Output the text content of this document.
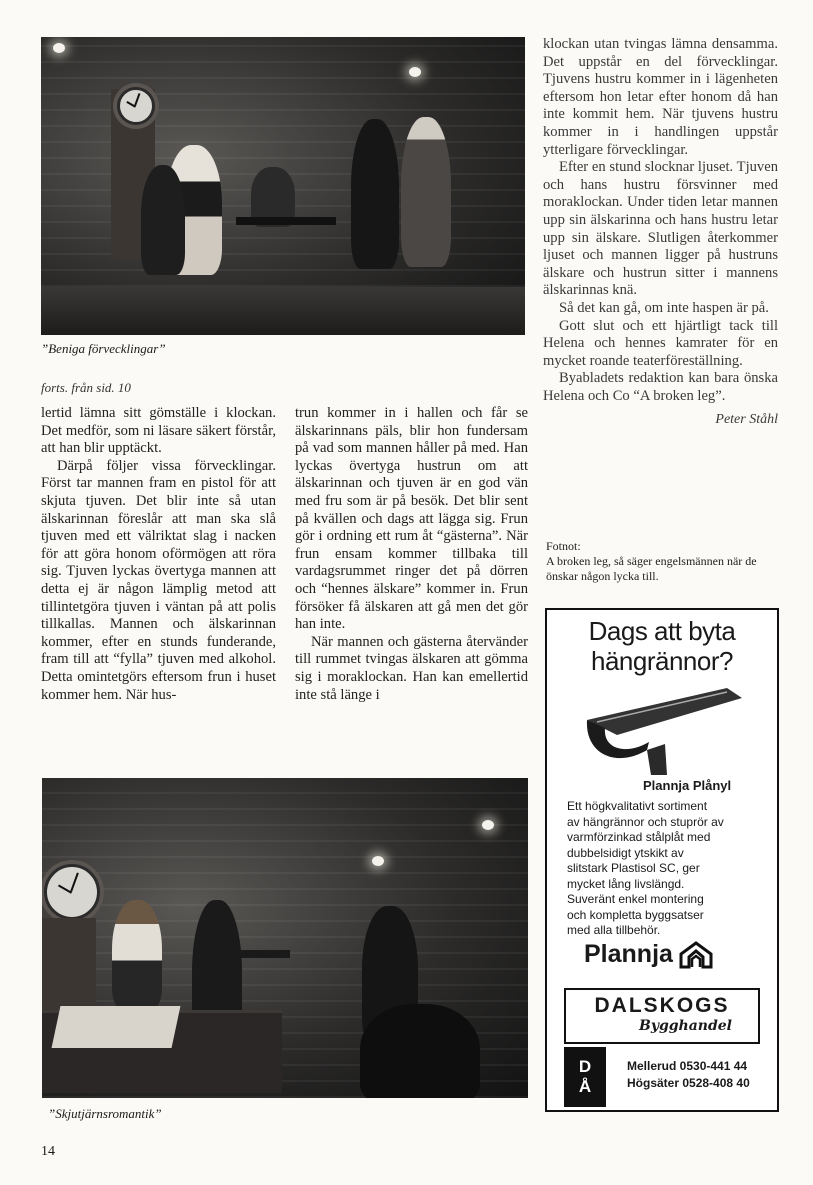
”Beniga förvecklingar”

forts. från sid. 10

lertid lämna sitt gömställe i klockan. Det medför, som ni läsare säkert förstår, att han blir upptäckt.

Därpå följer vissa förvecklingar. Först tar mannen fram en pistol för att skjuta tjuven. Det blir inte så utan älskarinnan föreslår att man ska slå tjuven med ett välriktat slag i nacken för att göra honom oförmögen att röra sig. Tjuven lyckas övertyga mannen att detta ej är någon lämplig metod att tillintetgöra tjuven i väntan på att polis tillkallas. Mannen och älskarinnan kommer, efter en stunds funderande, fram till att “fylla” tjuven med alkohol. Detta omintetgörs eftersom frun i huset kommer hem. När hus-

trun kommer in i hallen och får se älskarinnans päls, blir hon fundersam på vad som mannen håller på med. Han lyckas övertyga hustrun om att älskarinnan och tjuven är en god vän med fru som är på besök. Det blir sent på kvällen och dags att lägga sig. Frun gör i ordning ett rum åt “gästerna”. När frun ensam kommer tillbaka till vardagsrummet ringer det på dörren och “hennes älskare” kommer in. Frun försöker få älskaren att gå men det gör han inte.

När mannen och gästerna återvänder till rummet tvingas älskaren att gömma sig i moraklockan. Han kan emellertid inte stå länge i

klockan utan tvingas lämna densamma. Det uppstår en del förvecklingar. Tjuvens hustru kommer in i lägenheten eftersom hon letar efter honom då han inte kommit hem. När tjuvens hustru kommer in i handlingen uppstår ytterligare förvecklingar.

Efter en stund slocknar ljuset. Tjuven och hans hustru försvinner med moraklockan. Under tiden letar mannen upp sin älskarinna och hans hustru letar upp sin älskare. Slutligen återkommer ljuset och mannen ligger på hustruns älskare och hustrun sitter i mannens älskarinnas knä.

Så det kan gå, om inte haspen är på.

Gott slut och ett hjärtligt tack till Helena och hennes kamrater för en mycket roande teaterföreställning.

Byabladets redaktion kan bara önska Helena och Co “A broken leg”.

Peter Ståhl

Fotnot:

A broken leg, så säger engelsmännen när de önskar någon lycka till.

Dags att byta
hängrännor?
Plannja Plånyl
Ett högkvalitativt sortiment
av hängrännor och stuprör av
varmförzinkad stålplåt med
dubbelsidigt ytskikt av
slitstark Plastisol SC, ger
mycket lång livslängd.
Suveränt enkel montering
och kompletta byggsatser
med alla tillbehör.
Plannja
DALSKOGS
Bygghandel
D
Å
Mellerud 0530-441 44
Högsäter 0528-408 40

”Skjutjärnsromantik”

14
